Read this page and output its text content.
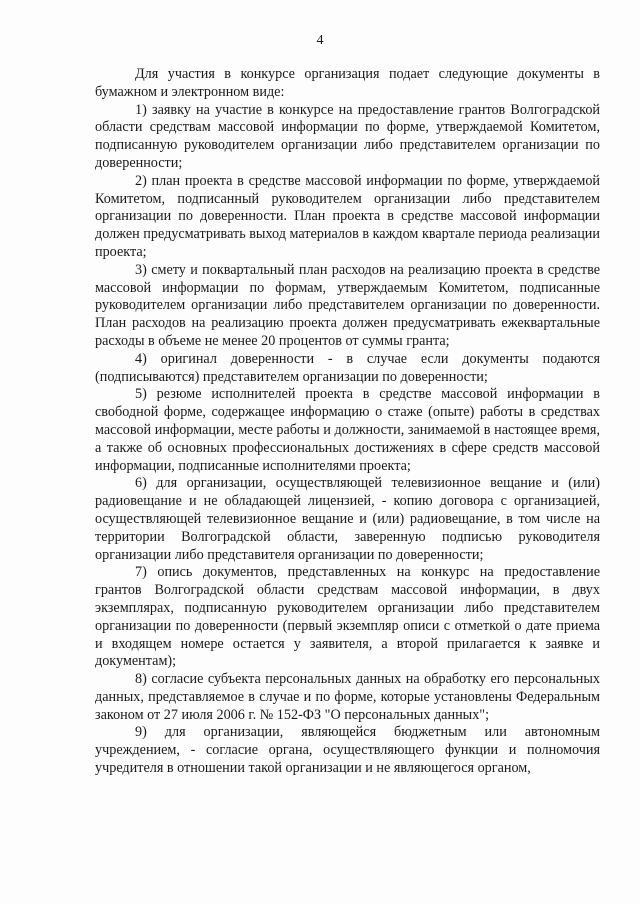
4

Для участия в конкурсе организация подает следующие документы в бумажном и электронном виде:

1) заявку на участие в конкурсе на предоставление грантов Волгоградской области средствам массовой информации по форме, утверждаемой Комитетом, подписанную руководителем организации либо представителем организации по доверенности;

2) план проекта в средстве массовой информации по форме, утверждаемой Комитетом, подписанный руководителем организации либо представителем организации по доверенности. План проекта в средстве массовой информации должен предусматривать выход материалов в каждом квартале периода реализации проекта;

3) смету и поквартальный план расходов на реализацию проекта в средстве массовой информации по формам, утверждаемым Комитетом, подписанные руководителем организации либо представителем организации по доверенности. План расходов на реализацию проекта должен предусматривать ежеквартальные расходы в объеме не менее 20 процентов от суммы гранта;

4) оригинал доверенности - в случае если документы подаются (подписываются) представителем организации по доверенности;

5) резюме исполнителей проекта в средстве массовой информации в свободной форме, содержащее информацию о стаже (опыте) работы в средствах массовой информации, месте работы и должности, занимаемой в настоящее время, а также об основных профессиональных достижениях в сфере средств массовой информации, подписанные исполнителями проекта;

6) для организации, осуществляющей телевизионное вещание и (или) радиовещание и не обладающей лицензией, - копию договора с организацией, осуществляющей телевизионное вещание и (или) радиовещание, в том числе на территории Волгоградской области, заверенную подписью руководителя организации либо представителя организации по доверенности;

7) опись документов, представленных на конкурс на предоставление грантов Волгоградской области средствам массовой информации, в двух экземплярах, подписанную руководителем организации либо представителем организации по доверенности (первый экземпляр описи с отметкой о дате приема и входящем номере остается у заявителя, а второй прилагается к заявке и документам);

8) согласие субъекта персональных данных на обработку его персональных данных, представляемое в случае и по форме, которые установлены Федеральным законом от 27 июля 2006 г. № 152-ФЗ "О персональных данных";

9) для организации, являющейся бюджетным или автономным учреждением, - согласие органа, осуществляющего функции и полномочия учредителя в отношении такой организации и не являющегося органом,
